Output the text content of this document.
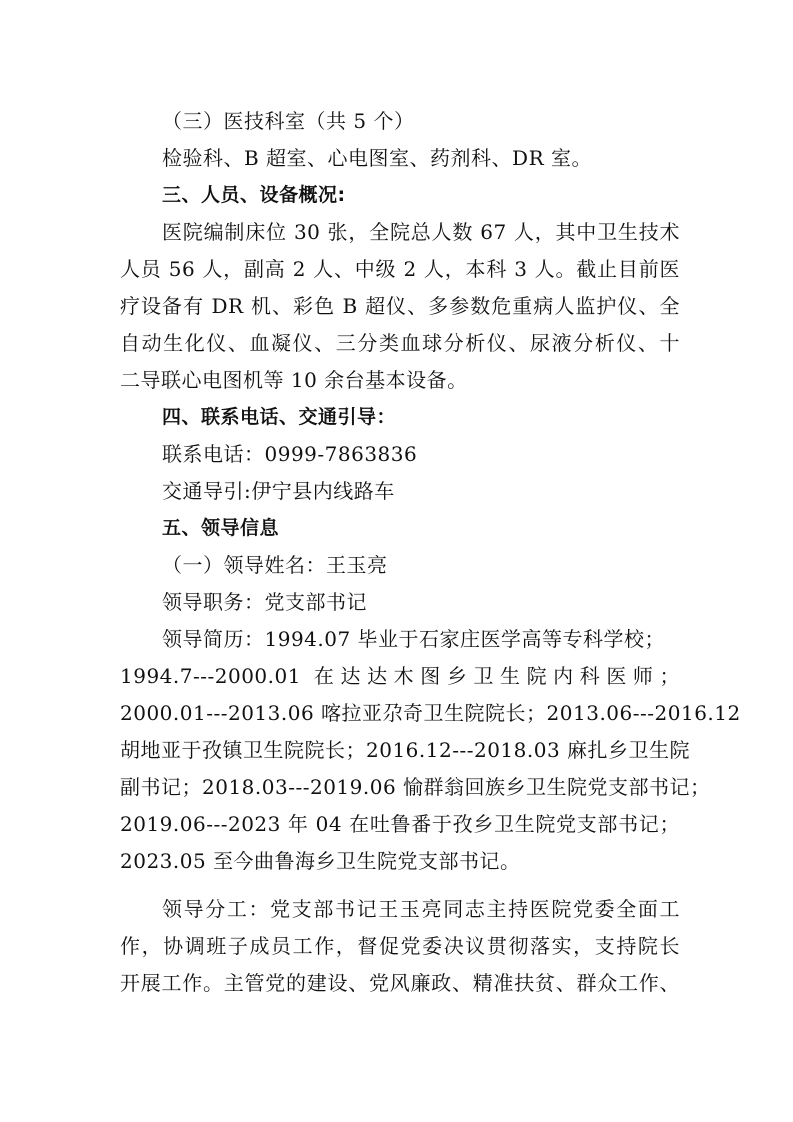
（三）医技科室（共 5 个）
检验科、B 超室、心电图室、药剂科、DR 室。
三、人员、设备概况:
医院编制床位 30 张，全院总人数 67 人，其中卫生技术
人员 56 人，副高 2 人、中级 2 人，本科 3 人。截止目前医
疗设备有 DR 机、彩色 B 超仪、多参数危重病人监护仪、全
自动生化仪、血凝仪、三分类血球分析仪、尿液分析仪、十
二导联心电图机等 10 余台基本设备。
四、联系电话、交通引导：
联系电话：0999-7863836
交通导引:伊宁县内线路车
五、领导信息
（一）领导姓名：王玉亮
领导职务：党支部书记
领导简历：1994.07 毕业于石家庄医学高等专科学校；
1994.7---2000.01 在达达木图乡卫生院内科医师；
2000.01---2013.06 喀拉亚尕奇卫生院院长；2013.06---2016.12
胡地亚于孜镇卫生院院长；2016.12---2018.03 麻扎乡卫生院
副书记；2018.03---2019.06 愉群翁回族乡卫生院党支部书记；
2019.06---2023 年 04 在吐鲁番于孜乡卫生院党支部书记；
2023.05 至今曲鲁海乡卫生院党支部书记。
领导分工：党支部书记王玉亮同志主持医院党委全面工
作，协调班子成员工作，督促党委决议贯彻落实，支持院长
开展工作。主管党的建设、党风廉政、精准扶贫、群众工作、
